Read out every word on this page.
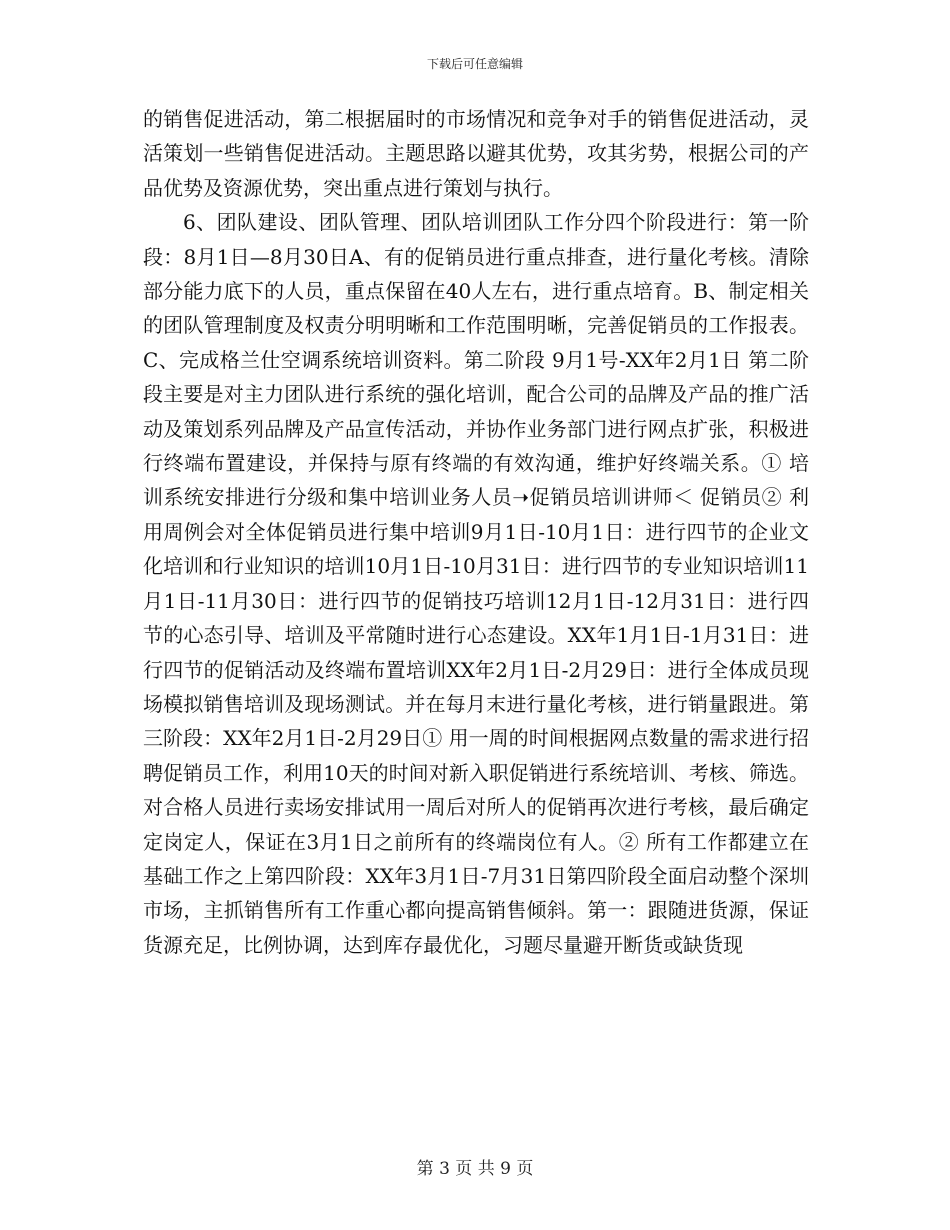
下载后可任意编辑

的销售促进活动，第二根据届时的市场情况和竞争对手的销售促进活动，灵活策划一些销售促进活动。主题思路以避其优势，攻其劣势，根据公司的产品优势及资源优势，突出重点进行策划与执行。

6、团队建设、团队管理、团队培训团队工作分四个阶段进行：第一阶段：8月1日—8月30日A、有的促销员进行重点排查，进行量化考核。清除部分能力底下的人员，重点保留在40人左右，进行重点培育。B、制定相关的团队管理制度及权责分明明晰和工作范围明晰，完善促销员的工作报表。C、完成格兰仕空调系统培训资料。第二阶段 9月1号-XX年2月1日 第二阶段主要是对主力团队进行系统的强化培训，配合公司的品牌及产品的推广活动及策划系列品牌及产品宣传活动，并协作业务部门进行网点扩张，积极进行终端布置建设，并保持与原有终端的有效沟通，维护好终端关系。① 培训系统安排进行分级和集中培训业务人员➝促销员培训讲师＜ 促销员② 利用周例会对全体促销员进行集中培训9月1日-10月1日：进行四节的企业文化培训和行业知识的培训10月1日-10月31日：进行四节的专业知识培训11月1日-11月30日：进行四节的促销技巧培训12月1日-12月31日：进行四节的心态引导、培训及平常随时进行心态建设。XX年1月1日-1月31日：进行四节的促销活动及终端布置培训XX年2月1日-2月29日：进行全体成员现场模拟销售培训及现场测试。并在每月末进行量化考核，进行销量跟进。第三阶段：XX年2月1日-2月29日① 用一周的时间根据网点数量的需求进行招聘促销员工作，利用10天的时间对新入职促销进行系统培训、考核、筛选。对合格人员进行卖场安排试用一周后对所人的促销再次进行考核，最后确定定岗定人，保证在3月1日之前所有的终端岗位有人。② 所有工作都建立在基础工作之上第四阶段：XX年3月1日-7月31日第四阶段全面启动整个深圳市场，主抓销售所有工作重心都向提高销售倾斜。第一：跟随进货源，保证货源充足，比例协调，达到库存最优化，习题尽量避开断货或缺货现

第 3 页 共 9 页
